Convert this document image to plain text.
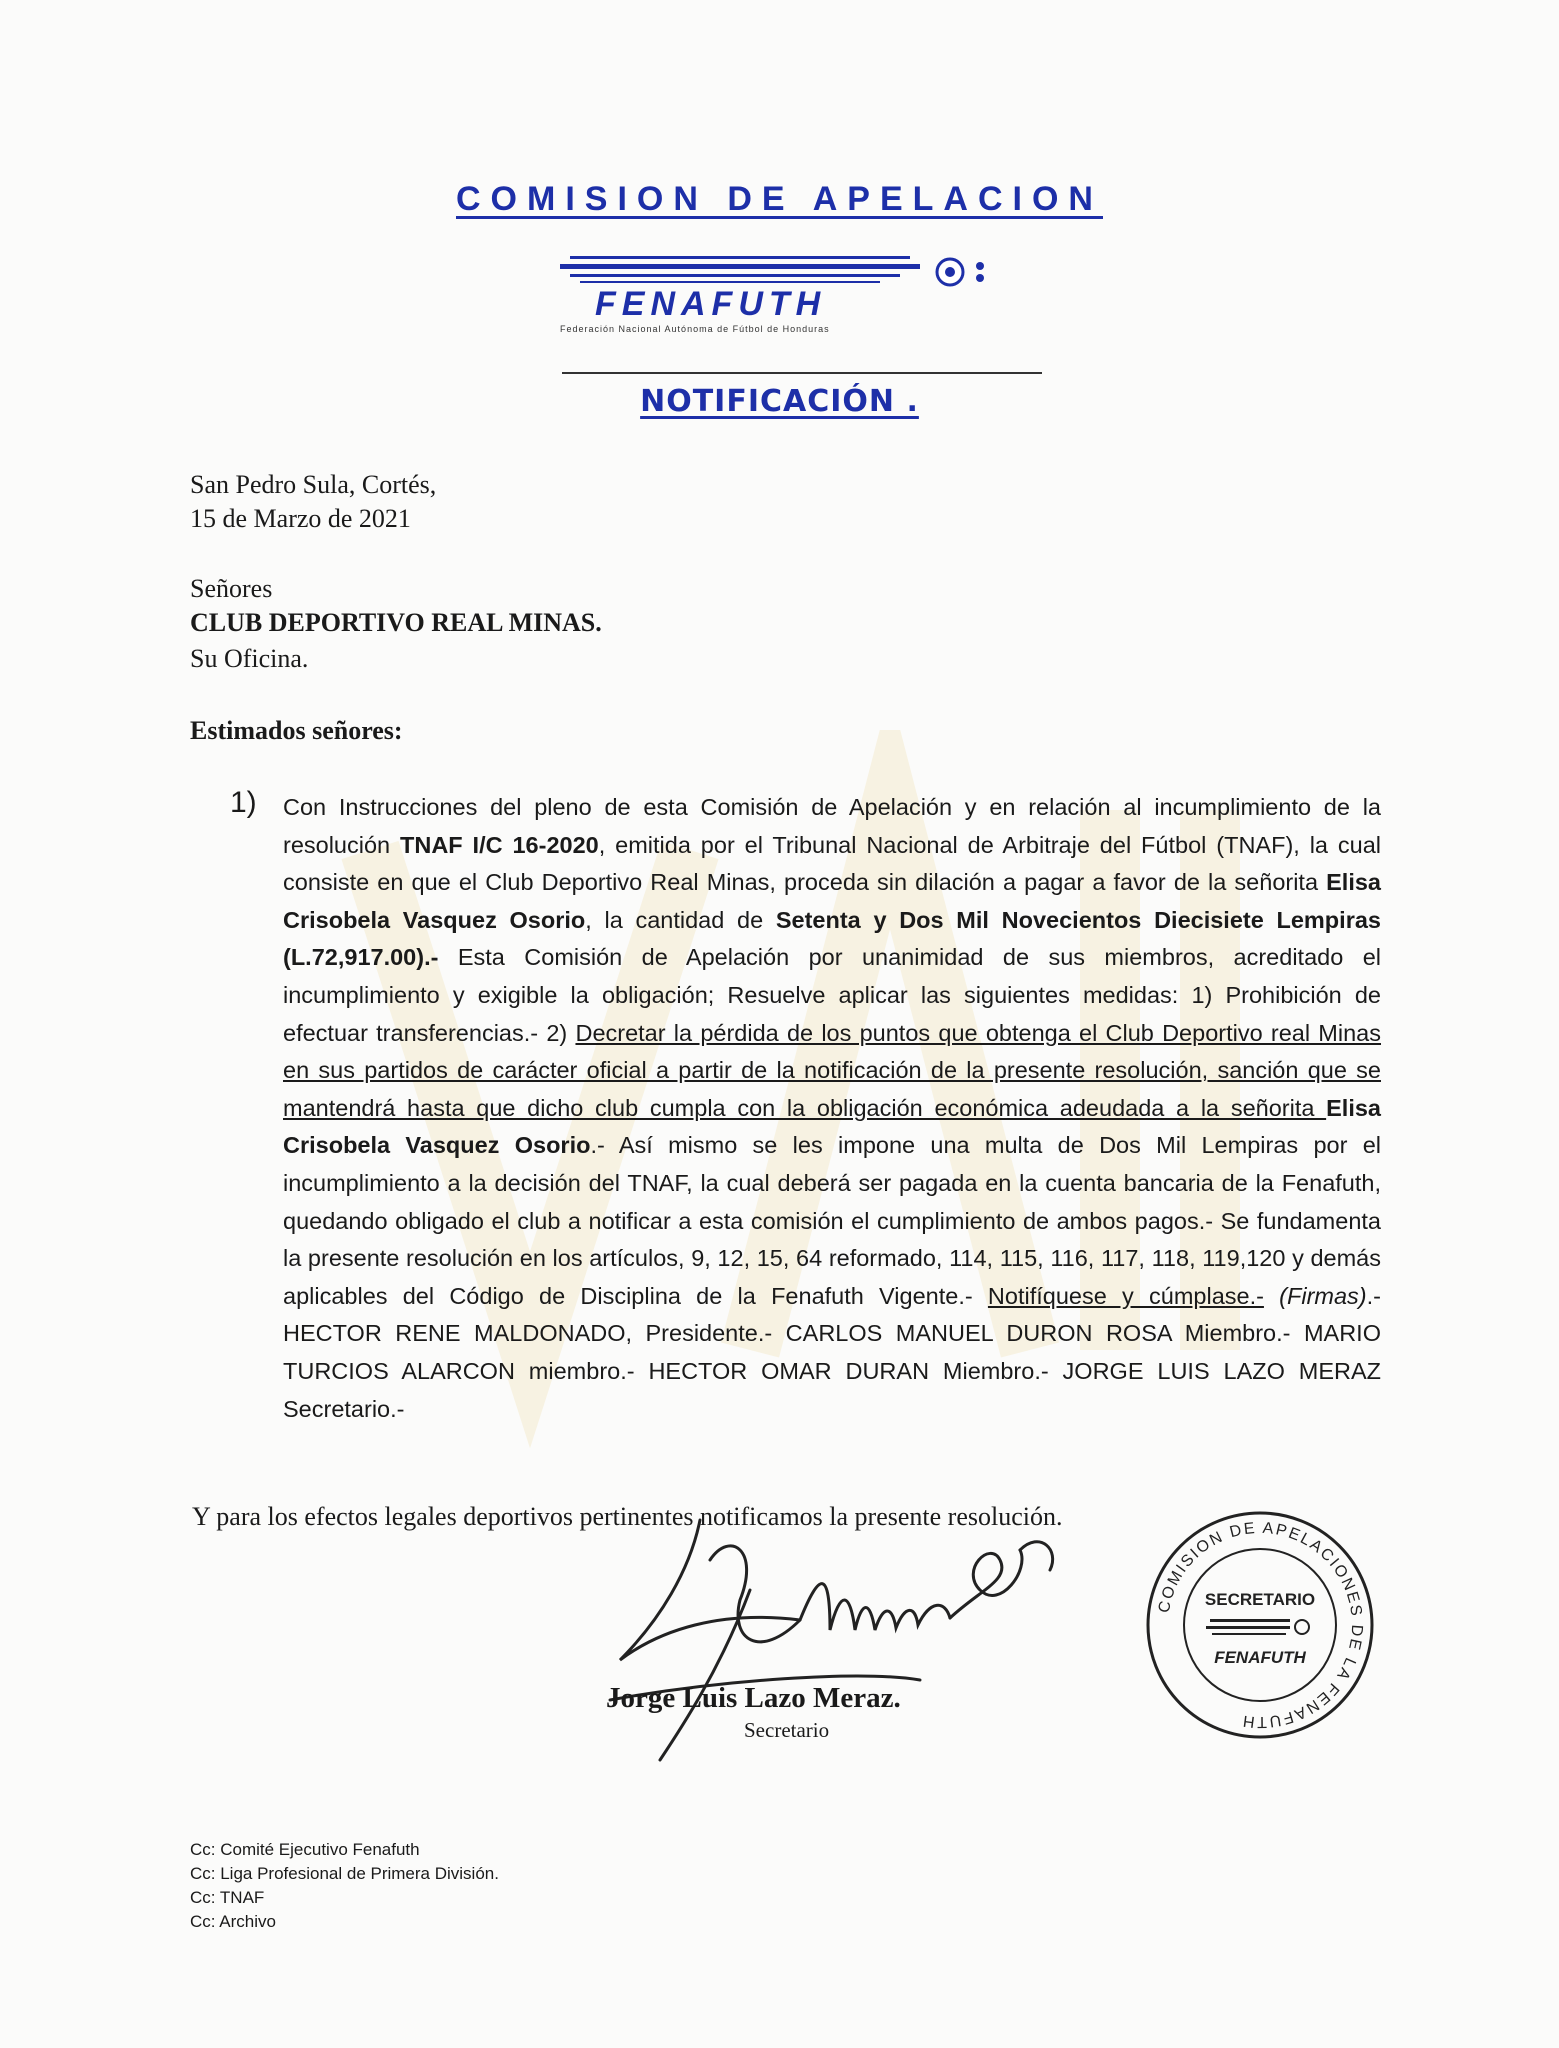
COMISION DE APELACION
FENAFUTH
Federación Nacional Autónoma de Fútbol de Honduras
NOTIFICACIÓN .
San Pedro Sula, Cortés,
15 de Marzo de 2021
Señores
CLUB DEPORTIVO REAL MINAS.
Su Oficina.
Estimados señores:
1) Con Instrucciones del pleno de esta Comisión de Apelación y en relación al incumplimiento de la resolución TNAF I/C 16-2020, emitida por el Tribunal Nacional de Arbitraje del Fútbol (TNAF), la cual consiste en que el Club Deportivo Real Minas, proceda sin dilación a pagar a favor de la señorita Elisa Crisobela Vasquez Osorio, la cantidad de Setenta y Dos Mil Novecientos Diecisiete Lempiras (L.72,917.00).- Esta Comisión de Apelación por unanimidad de sus miembros, acreditado el incumplimiento y exigible la obligación; Resuelve aplicar las siguientes medidas: 1) Prohibición de efectuar transferencias.- 2) Decretar la pérdida de los puntos que obtenga el Club Deportivo real Minas en sus partidos de carácter oficial a partir de la notificación de la presente resolución, sanción que se mantendrá hasta que dicho club cumpla con la obligación económica adeudada a la señorita Elisa Crisobela Vasquez Osorio.- Así mismo se les impone una multa de Dos Mil Lempiras por el incumplimiento a la decisión del TNAF, la cual deberá ser pagada en la cuenta bancaria de la Fenafuth, quedando obligado el club a notificar a esta comisión el cumplimiento de ambos pagos.- Se fundamenta la presente resolución en los artículos, 9, 12, 15, 64 reformado, 114, 115, 116, 117, 118, 119,120 y demás aplicables del Código de Disciplina de la Fenafuth Vigente.- Notifíquese y cúmplase.- (Firmas).- HECTOR RENE MALDONADO, Presidente.- CARLOS MANUEL DURON ROSA Miembro.- MARIO TURCIOS ALARCON miembro.- HECTOR OMAR DURAN Miembro.- JORGE LUIS LAZO MERAZ Secretario.-
Y para los efectos legales deportivos pertinentes notificamos la presente resolución.
Jorge Luis Lazo Meraz.
Secretario
COMISION DE APELACIONES DE LA FENAFUTH
SECRETARIO
FENAFUTH
Cc: Comité Ejecutivo Fenafuth
Cc: Liga Profesional de Primera División.
Cc: TNAF
Cc: Archivo
